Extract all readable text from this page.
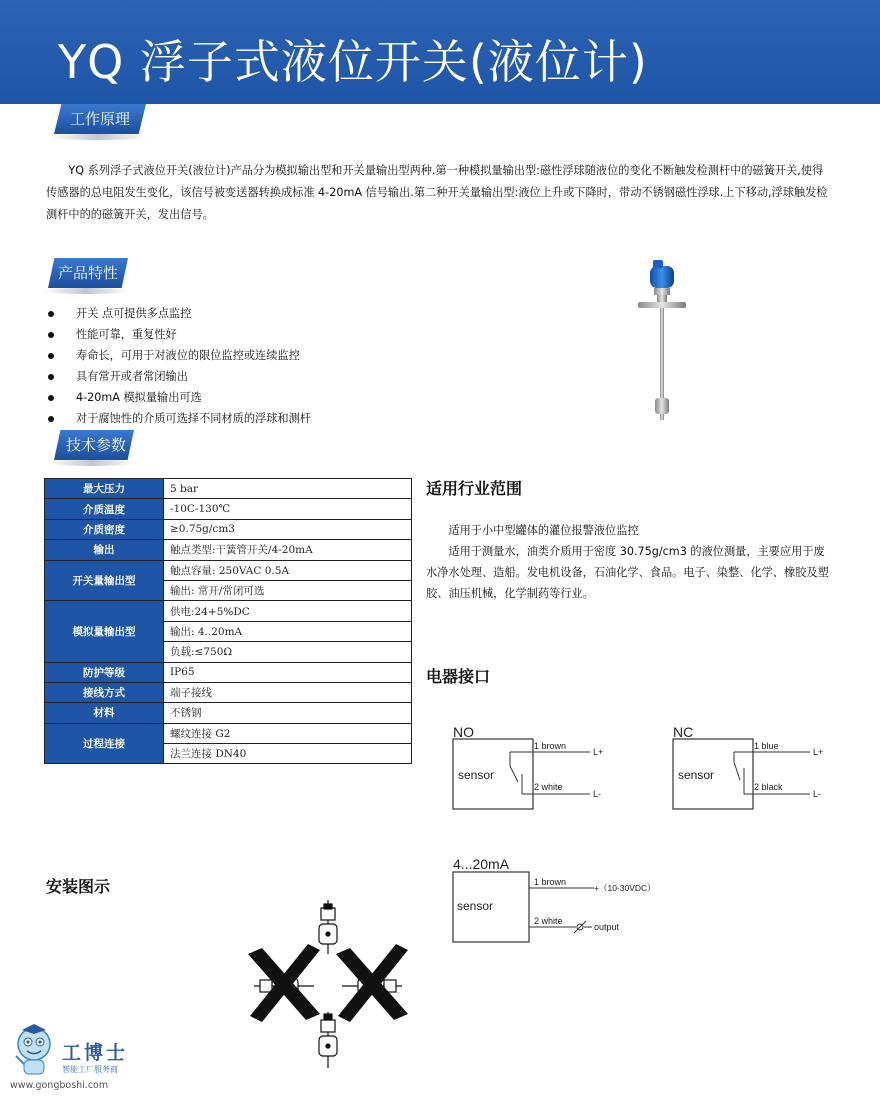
YQ 浮子式液位开关(液位计)
工作原理

YQ 系列浮子式液位开关(液位计)产品分为模拟输出型和开关量输出型两种.第一种模拟量输出型:磁性浮球随液位的变化不断触发检测杆中的磁簧开关,使得传感器的总电阻发生变化，该信号被变送器转换成标准 4-20mA 信号输出.第二种开关量输出型:液位上升或下降时，带动不锈钢磁性浮球.上下移动,浮球触发检测杆中的的磁簧开关，发出信号。

产品特性
开关 点可提供多点监控
性能可靠，重复性好
寿命长，可用于对液位的限位监控或连续监控
具有常开或者常闭输出
4-20mA 模拟量输出可选
对于腐蚀性的介质可选择不同材质的浮球和测杆
技术参数
最大压力	5 bar
介质温度	-10C-130℃
介质密度	≥0.75g/cm3
输出	触点类型:干簧管开关/4-20mA
开关量输出型	触点容量: 250VAC 0.5A
	输出: 常开/常闭可选
模拟量输出型	供电:24+5%DC
	输出: 4..20mA
	负载:≤750Ω
防护等级	IP65
接线方式	端子接线
材料	不锈钢
过程连接	螺纹连接 G2
	法兰连接 DN40
适用行业范围

适用于小中型罐体的灌位报警液位监控

适用于测量水，油类介质用于密度 30.75g/cm3 的液位测量，主要应用于废水净水处理、造船。发电机设备，石油化学、食品。电子、染整、化学、橡胶及塑胶、油压机械，化学制药等行业。

电器接口
NO
sensor
1 brown
2 white
L+
L-
NC
sensor
1 blue
2 black
L+
L-
4...20mA
sensor
1 brown
2 white
+（10-30VDC）
output
安装图示
工博士
智能工厂服务商
www.gongboshi.com
